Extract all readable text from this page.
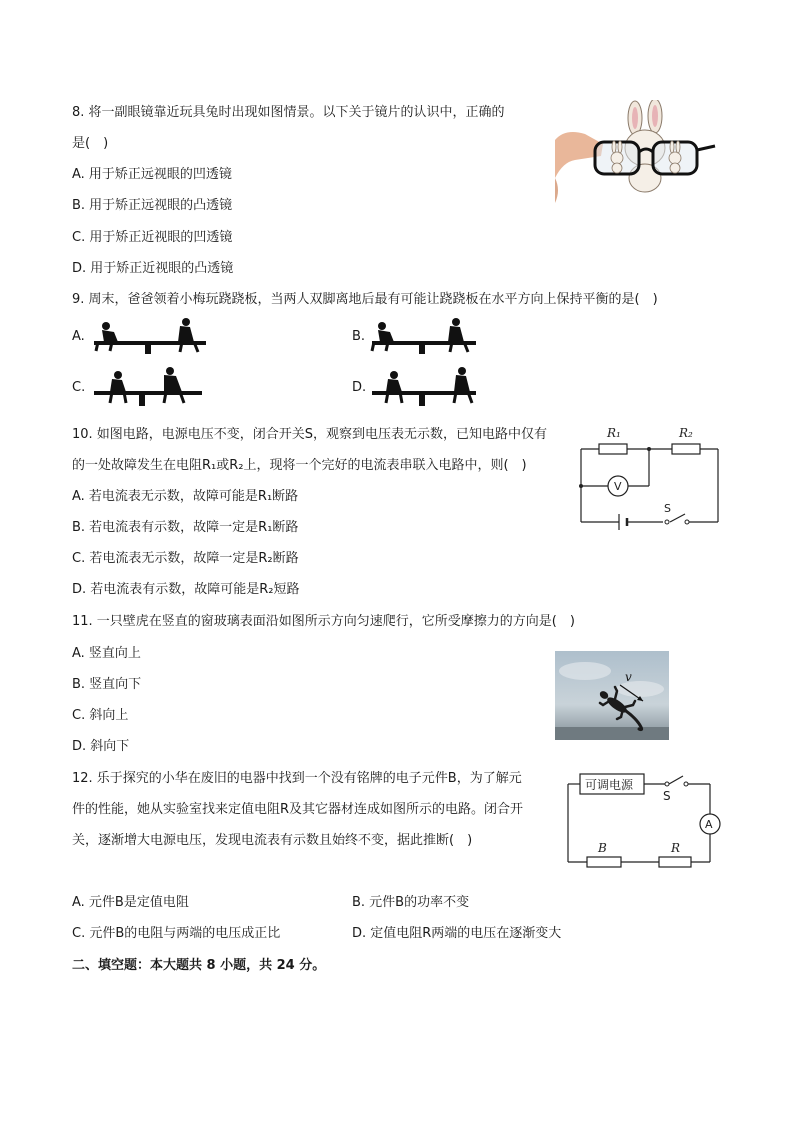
8. 将一副眼镜靠近玩具兔时出现如图情景。以下关于镜片的认识中，正确的
是(　)
A. 用于矫正远视眼的凹透镜
B. 用于矫正远视眼的凸透镜
C. 用于矫正近视眼的凹透镜
D. 用于矫正近视眼的凸透镜
9. 周末，爸爸领着小梅玩跷跷板，当两人双脚离地后最有可能让跷跷板在水平方向上保持平衡的是(　)
A.	B.
C.	D.
10. 如图电路，电源电压不变，闭合开关S，观察到电压表无示数，已知电路中仅有
的一处故障发生在电阻R₁或R₂上，现将一个完好的电流表串联入电路中，则(　)
A. 若电流表无示数，故障可能是R₁断路
B. 若电流表有示数，故障一定是R₁断路
C. 若电流表无示数，故障一定是R₂断路
D. 若电流表有示数，故障可能是R₂短路
R₁	R₂
V
S
11. 一只壁虎在竖直的窗玻璃表面沿如图所示方向匀速爬行，它所受摩擦力的方向是(　)
A. 竖直向上
B. 竖直向下
C. 斜向上
D. 斜向下
v
12. 乐于探究的小华在废旧的电器中找到一个没有铭牌的电子元件B，为了解元
件的性能，她从实验室找来定值电阻R及其它器材连成如图所示的电路。闭合开
关，逐渐增大电源电压，发现电流表有示数且始终不变，据此推断(　)
可调电源
S
A
B	R
A. 元件B是定值电阻	B. 元件B的功率不变
C. 元件B的电阻与两端的电压成正比	D. 定值电阻R两端的电压在逐渐变大
二、填空题：本大题共 8 小题，共 24 分。
